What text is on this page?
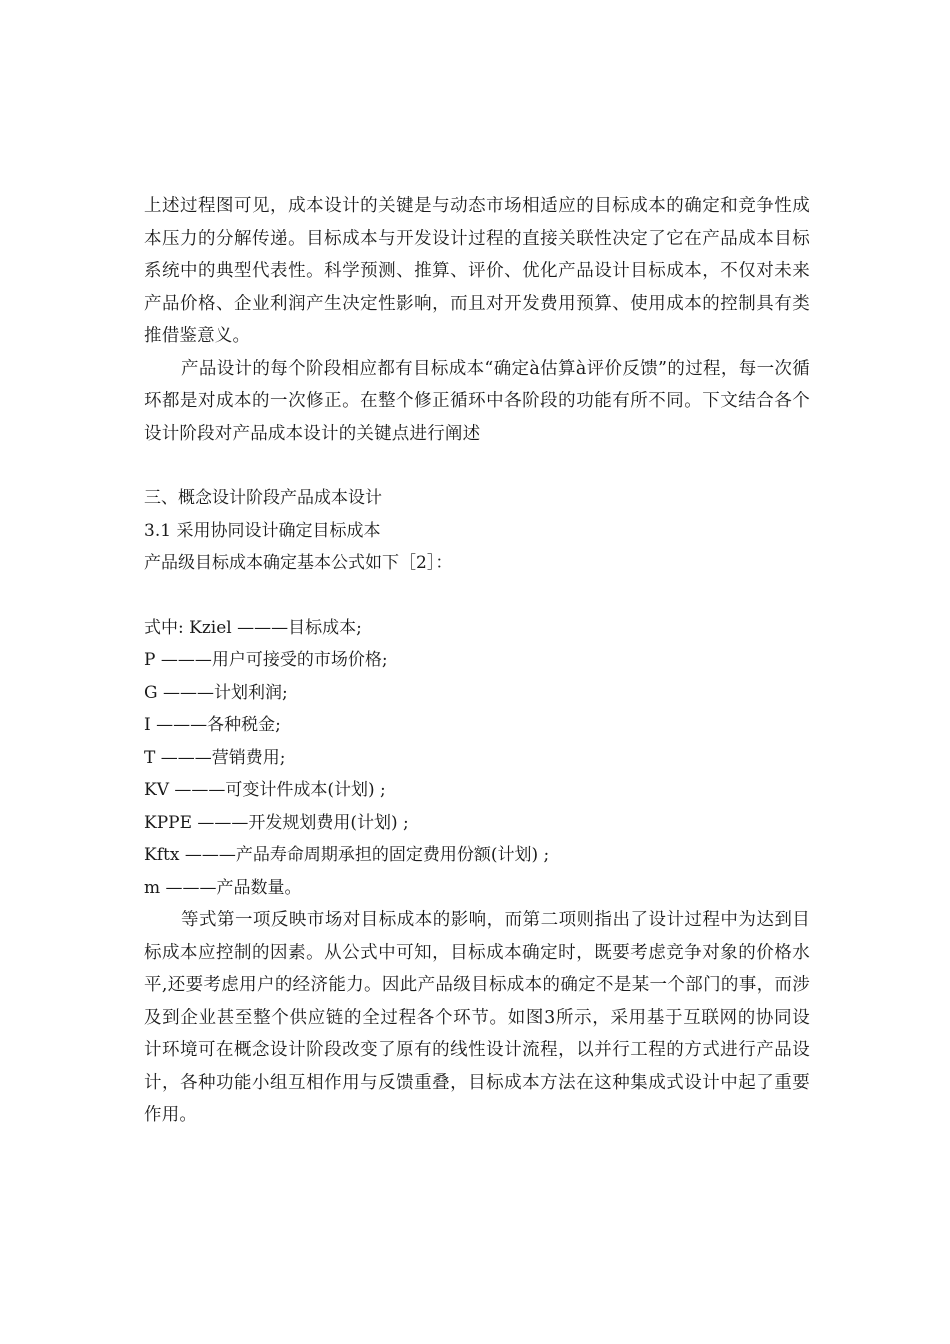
上述过程图可见，成本设计的关键是与动态市场相适应的目标成本的确定和竞争性成本压力的分解传递。目标成本与开发设计过程的直接关联性决定了它在产品成本目标系统中的典型代表性。科学预测、推算、评价、优化产品设计目标成本，不仅对未来产品价格、企业利润产生决定性影响，而且对开发费用预算、使用成本的控制具有类推借鉴意义。

产品设计的每个阶段相应都有目标成本“确定à估算à评价反馈”的过程，每一次循环都是对成本的一次修正。在整个修正循环中各阶段的功能有所不同。下文结合各个设计阶段对产品成本设计的关键点进行阐述

三、概念设计阶段产品成本设计

3.1 采用协同设计确定目标成本

产品级目标成本确定基本公式如下［2］：

式中: Kziel ———目标成本;

P ———用户可接受的市场价格;

G ———计划利润;

I ———各种税金;

T ———营销费用;

KV ———可变计件成本(计划) ;

KPPE ———开发规划费用(计划) ;

Kftx ———产品寿命周期承担的固定费用份额(计划) ;

m ———产品数量。

等式第一项反映市场对目标成本的影响，而第二项则指出了设计过程中为达到目标成本应控制的因素。从公式中可知，目标成本确定时，既要考虑竞争对象的价格水平,还要考虑用户的经济能力。因此产品级目标成本的确定不是某一个部门的事，而涉及到企业甚至整个供应链的全过程各个环节。如图3所示，采用基于互联网的协同设计环境可在概念设计阶段改变了原有的线性设计流程，以并行工程的方式进行产品设计，各种功能小组互相作用与反馈重叠，目标成本方法在这种集成式设计中起了重要作用。
